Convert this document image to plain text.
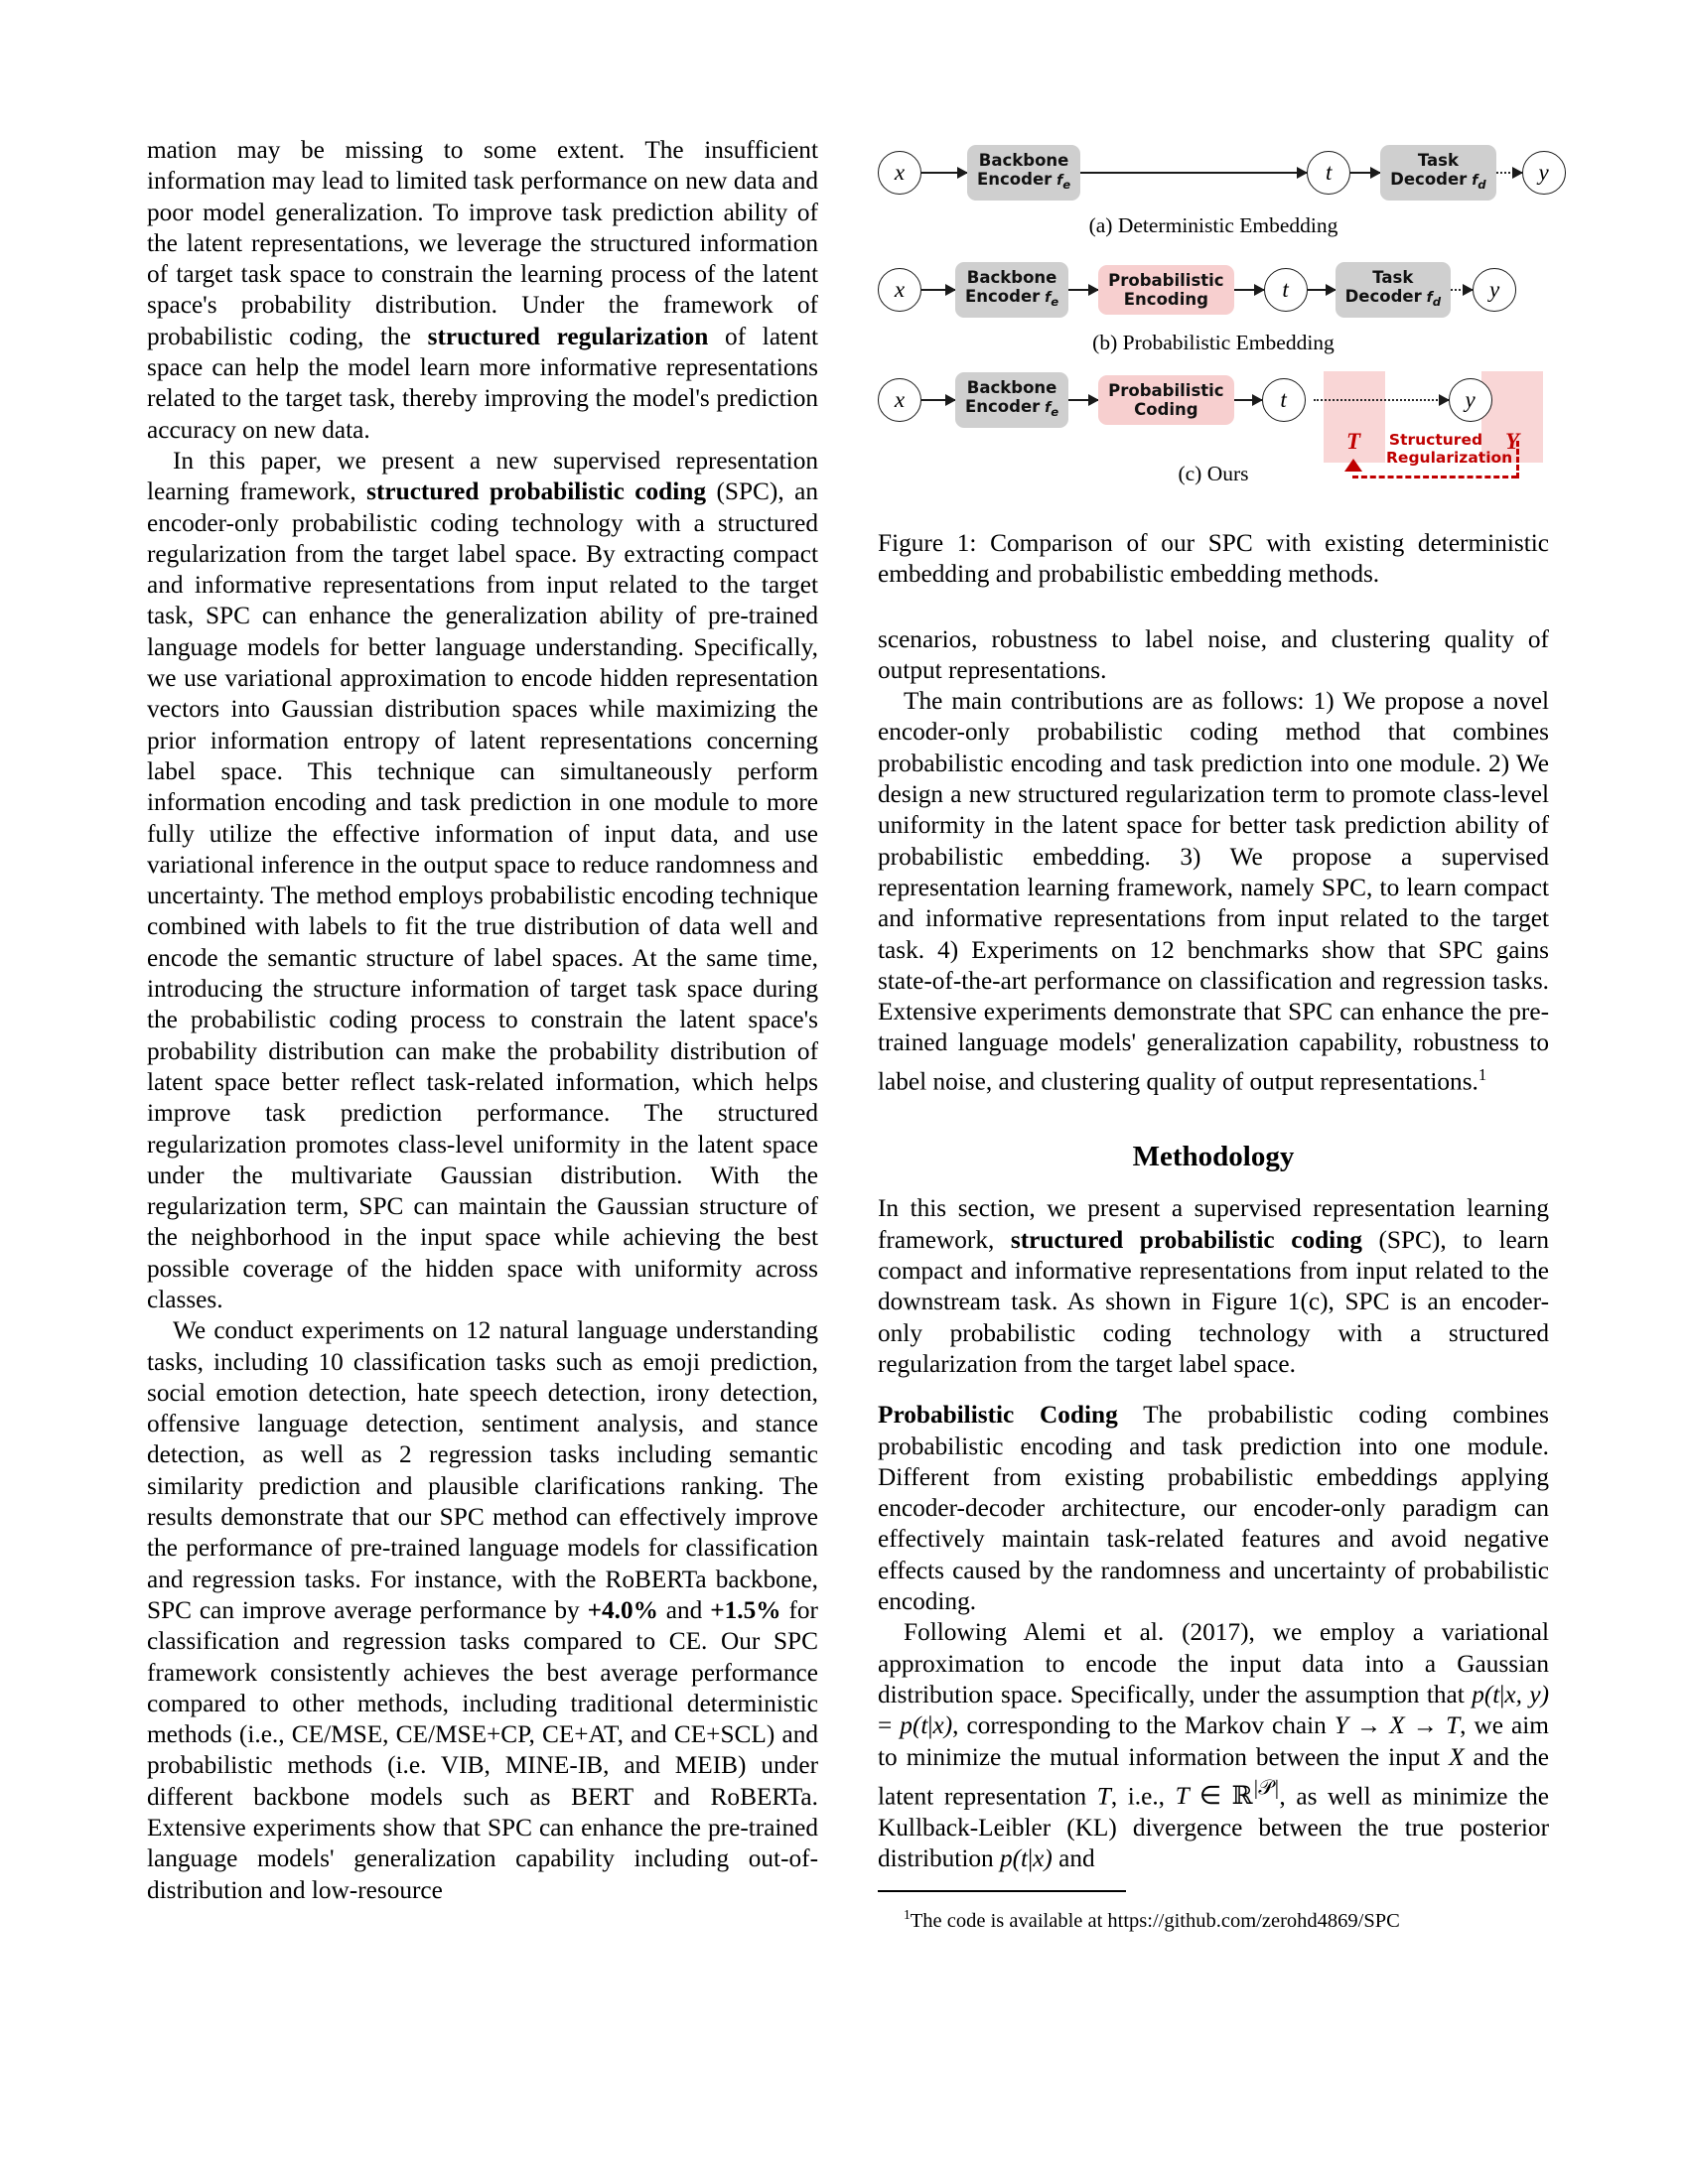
mation may be missing to some extent. The insufficient information may lead to limited task performance on new data and poor model generalization. To improve task prediction ability of the latent representations, we leverage the structured information of target task space to constrain the learning process of the latent space's probability distribution. Under the framework of probabilistic coding, the structured regularization of latent space can help the model learn more informative representations related to the target task, thereby improving the model's prediction accuracy on new data.

In this paper, we present a new supervised representation learning framework, structured probabilistic coding (SPC), an encoder-only probabilistic coding technology with a structured regularization from the target label space. By extracting compact and informative representations from input related to the target task, SPC can enhance the generalization ability of pre-trained language models for better language understanding. Specifically, we use variational approximation to encode hidden representation vectors into Gaussian distribution spaces while maximizing the prior information entropy of latent representations concerning label space. This technique can simultaneously perform information encoding and task prediction in one module to more fully utilize the effective information of input data, and use variational inference in the output space to reduce randomness and uncertainty. The method employs probabilistic encoding technique combined with labels to fit the true distribution of data well and encode the semantic structure of label spaces. At the same time, introducing the structure information of target task space during the probabilistic coding process to constrain the latent space's probability distribution can make the probability distribution of latent space better reflect task-related information, which helps improve task prediction performance. The structured regularization promotes class-level uniformity in the latent space under the multivariate Gaussian distribution. With the regularization term, SPC can maintain the Gaussian structure of the neighborhood in the input space while achieving the best possible coverage of the hidden space with uniformity across classes.

We conduct experiments on 12 natural language understanding tasks, including 10 classification tasks such as emoji prediction, social emotion detection, hate speech detection, irony detection, offensive language detection, sentiment analysis, and stance detection, as well as 2 regression tasks including semantic similarity prediction and plausible clarifications ranking. The results demonstrate that our SPC method can effectively improve the performance of pre-trained language models for classification and regression tasks. For instance, with the RoBERTa backbone, SPC can improve average performance by +4.0% and +1.5% for classification and regression tasks compared to CE. Our SPC framework consistently achieves the best average performance compared to other methods, including traditional deterministic methods (i.e., CE/MSE, CE/MSE+CP, CE+AT, and CE+SCL) and probabilistic methods (i.e. VIB, MINE-IB, and MEIB) under different backbone models such as BERT and RoBERTa. Extensive experiments show that SPC can enhance the pre-trained language models' generalization capability including out-of-distribution and low-resource

x	Backbone
Encoder $f_e$	t	Task
Decoder $f_d$	y
(a) Deterministic Embedding
x	Backbone
Encoder $f_e$
Probabilistic
Encoding	t	Task
Decoder $f_d$	y
(b) Probabilistic Embedding
x	Backbone
Encoder $f_e$
Probabilistic
Coding	t	y
T	Y
Structured
Regularization
(c) Ours

Figure 1: Comparison of our SPC with existing deterministic embedding and probabilistic embedding methods.

scenarios, robustness to label noise, and clustering quality of output representations.

The main contributions are as follows: 1) We propose a novel encoder-only probabilistic coding method that combines probabilistic encoding and task prediction into one module. 2) We design a new structured regularization term to promote class-level uniformity in the latent space for better task prediction ability of probabilistic embedding. 3) We propose a supervised representation learning framework, namely SPC, to learn compact and informative representations from input related to the target task. 4) Experiments on 12 benchmarks show that SPC gains state-of-the-art performance on classification and regression tasks. Extensive experiments demonstrate that SPC can enhance the pre-trained language models' generalization capability, robustness to label noise, and clustering quality of output representations.$^1$

Methodology

In this section, we present a supervised representation learning framework, structured probabilistic coding (SPC), to learn compact and informative representations from input related to the downstream task. As shown in Figure 1(c), SPC is an encoder-only probabilistic coding technology with a structured regularization from the target label space.

Probabilistic Coding The probabilistic coding combines probabilistic encoding and task prediction into one module. Different from existing probabilistic embeddings applying encoder-decoder architecture, our encoder-only paradigm can effectively maintain task-related features and avoid negative effects caused by the randomness and uncertainty of probabilistic encoding.

Following Alemi et al. (2017), we employ a variational approximation to encode the input data into a Gaussian distribution space. Specifically, under the assumption that p(t|x, y) = p(t|x), corresponding to the Markov chain Y → X → T, we aim to minimize the mutual information between the input X and the latent representation T, i.e., T ∈ ℝ$^{|𝒫|}$, as well as minimize the Kullback-Leibler (KL) divergence between the true posterior distribution p(t|x) and

$^1$The code is available at https://github.com/zerohd4869/SPC
